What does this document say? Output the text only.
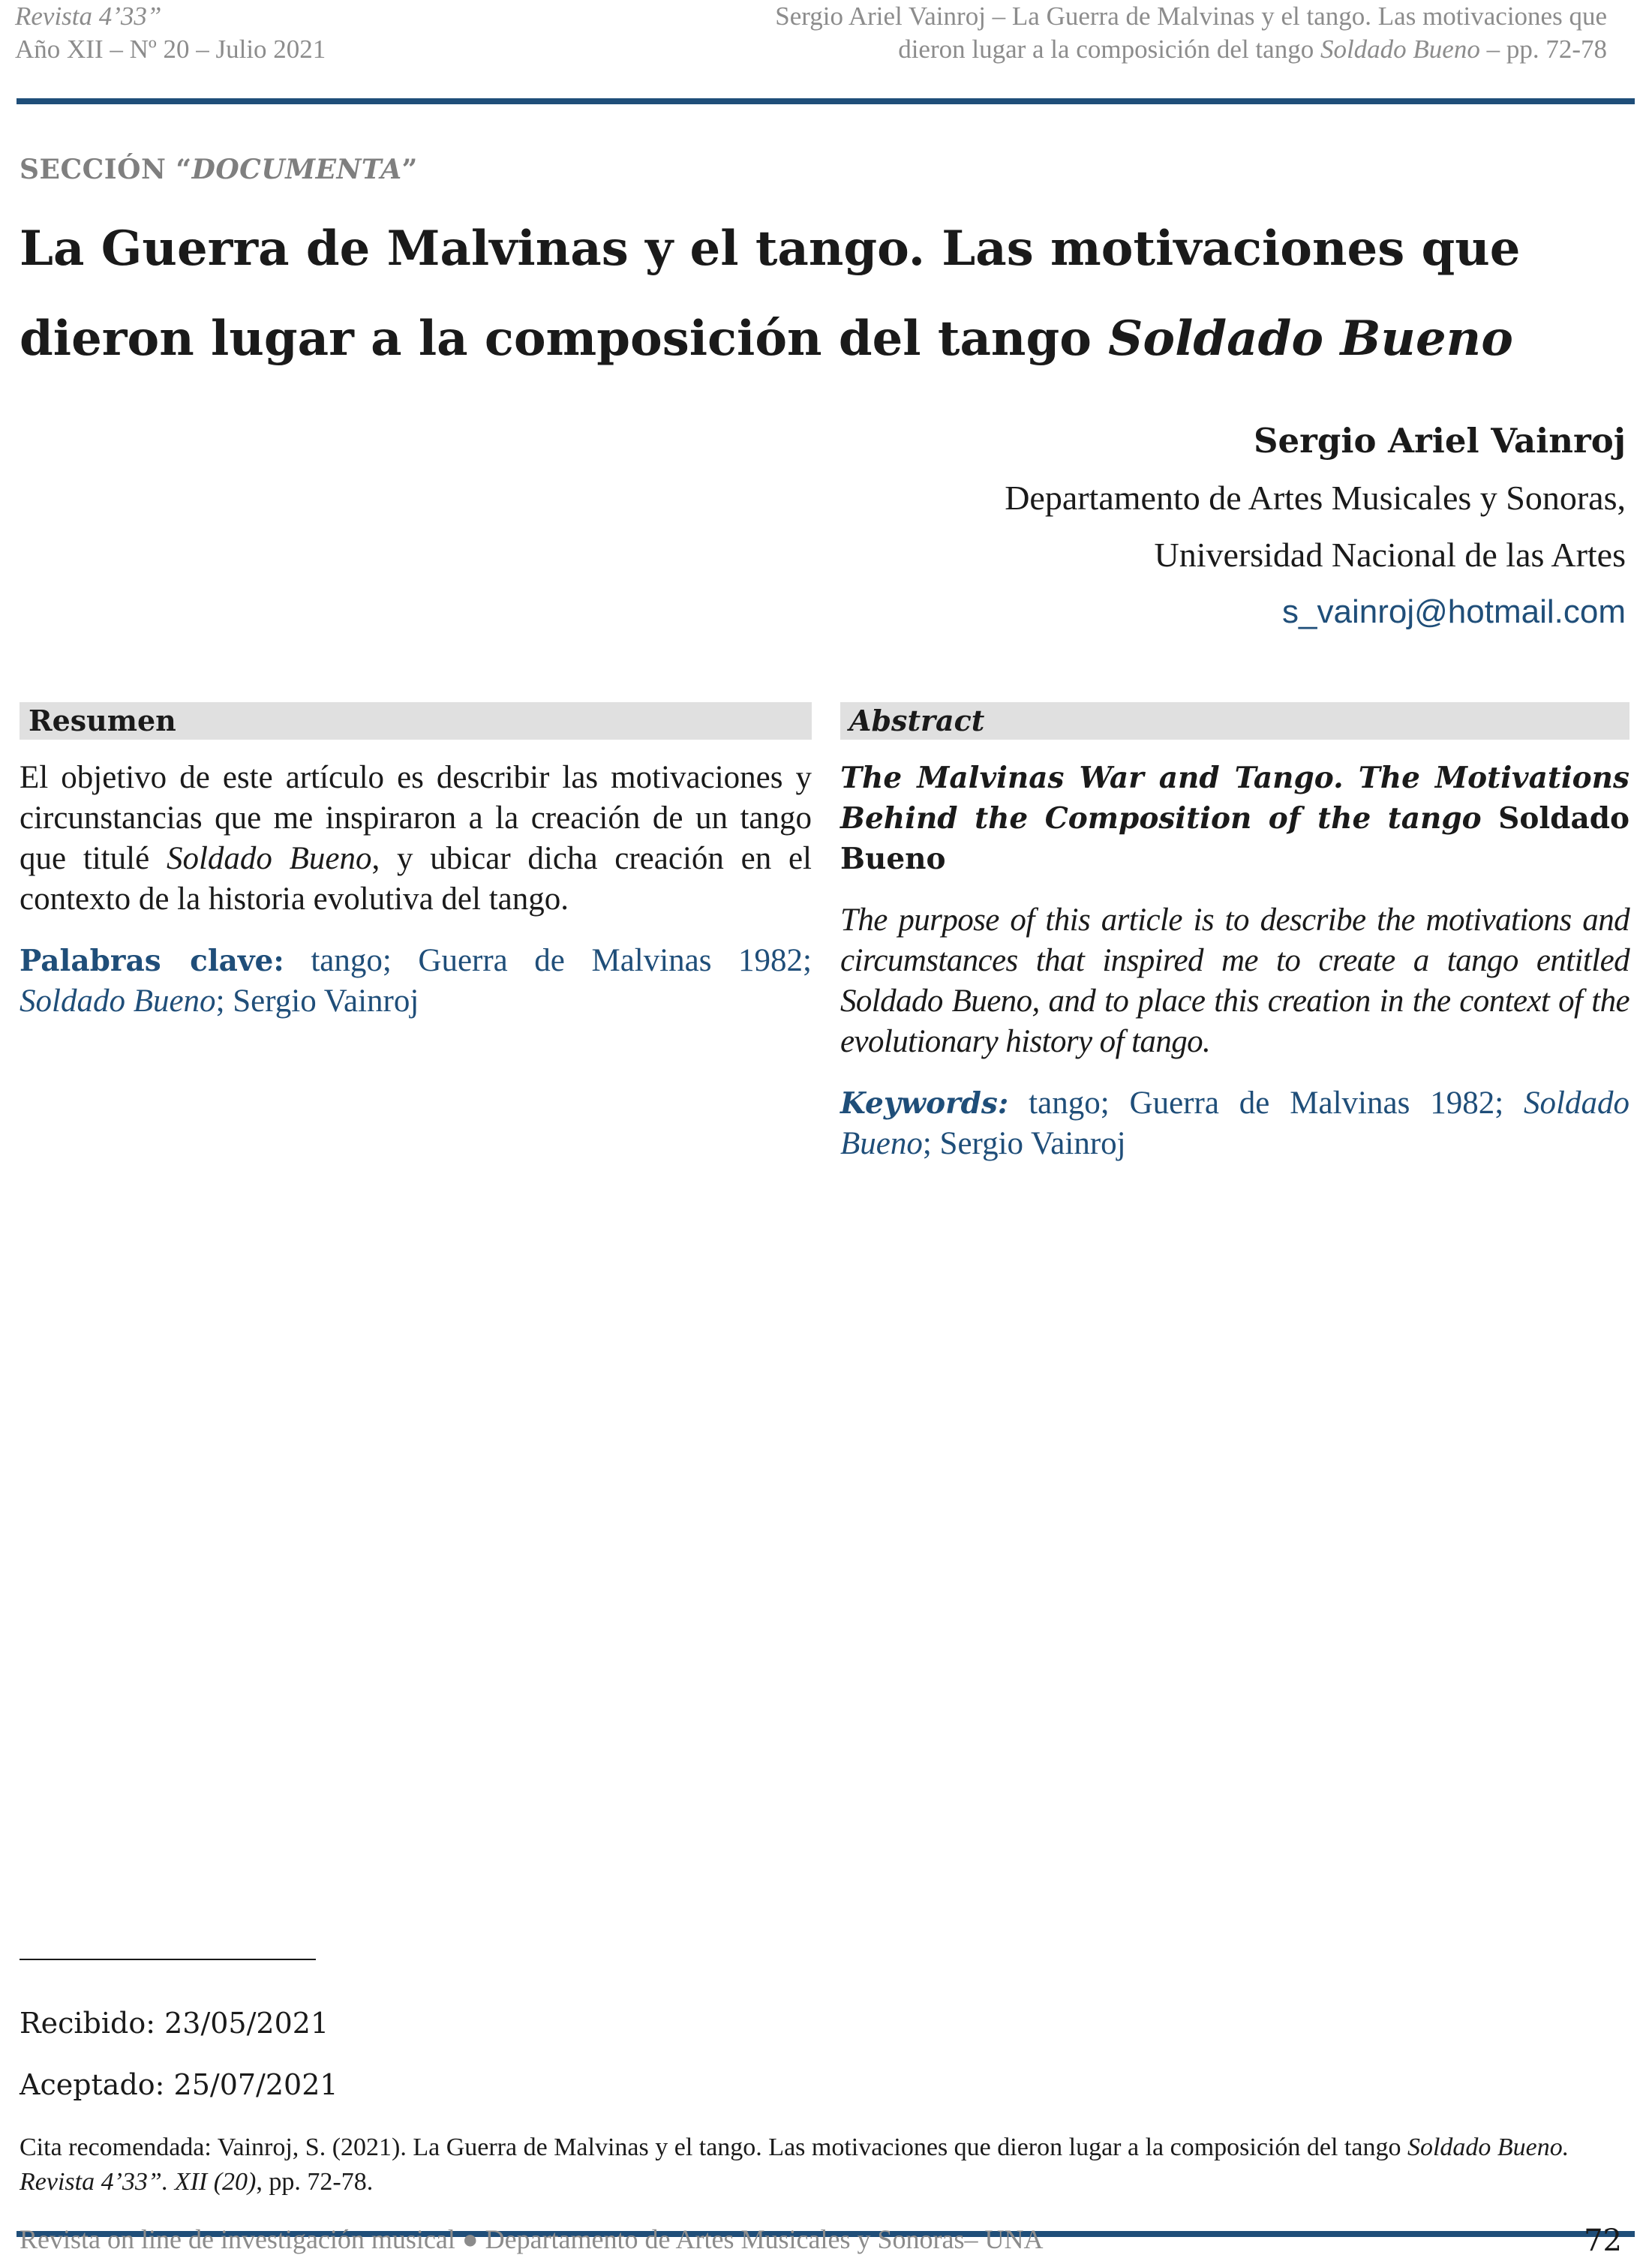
Revista 4’33”
Año XII – Nº 20 – Julio 2021
Sergio Ariel Vainroj – La Guerra de Malvinas y el tango. Las motivaciones que
dieron lugar a la composición del tango Soldado Bueno – pp. 72-78
SECCIÓN “DOCUMENTA”
La Guerra de Malvinas y el tango. Las motivaciones que dieron lugar a la composición del tango Soldado Bueno
Sergio Ariel Vainroj
Departamento de Artes Musicales y Sonoras,
Universidad Nacional de las Artes
s_vainroj@hotmail.com
Resumen

El objetivo de este artículo es describir las motivaciones y circunstancias que me inspiraron a la creación de un tango que titulé Soldado Bueno, y ubicar dicha creación en el contexto de la historia evolutiva del tango.

Palabras clave: tango; Guerra de Malvinas 1982; Soldado Bueno; Sergio Vainroj

Abstract

The Malvinas War and Tango. The Motivations Behind the Composition of the tango Soldado Bueno

The purpose of this article is to describe the motivations and circumstances that inspired me to create a tango entitled Soldado Bueno, and to place this creation in the context of the evolutionary history of tango.

Keywords: tango; Guerra de Malvinas 1982; Soldado Bueno; Sergio Vainroj

Recibido: 23/05/2021
Aceptado: 25/07/2021
Cita recomendada: Vainroj, S. (2021). La Guerra de Malvinas y el tango. Las motivaciones que dieron lugar a la composición del tango Soldado Bueno. Revista 4’33”. XII (20), pp. 72-78.
Revista on line de investigación musical ● Departamento de Artes Musicales y Sonoras– UNA	72
